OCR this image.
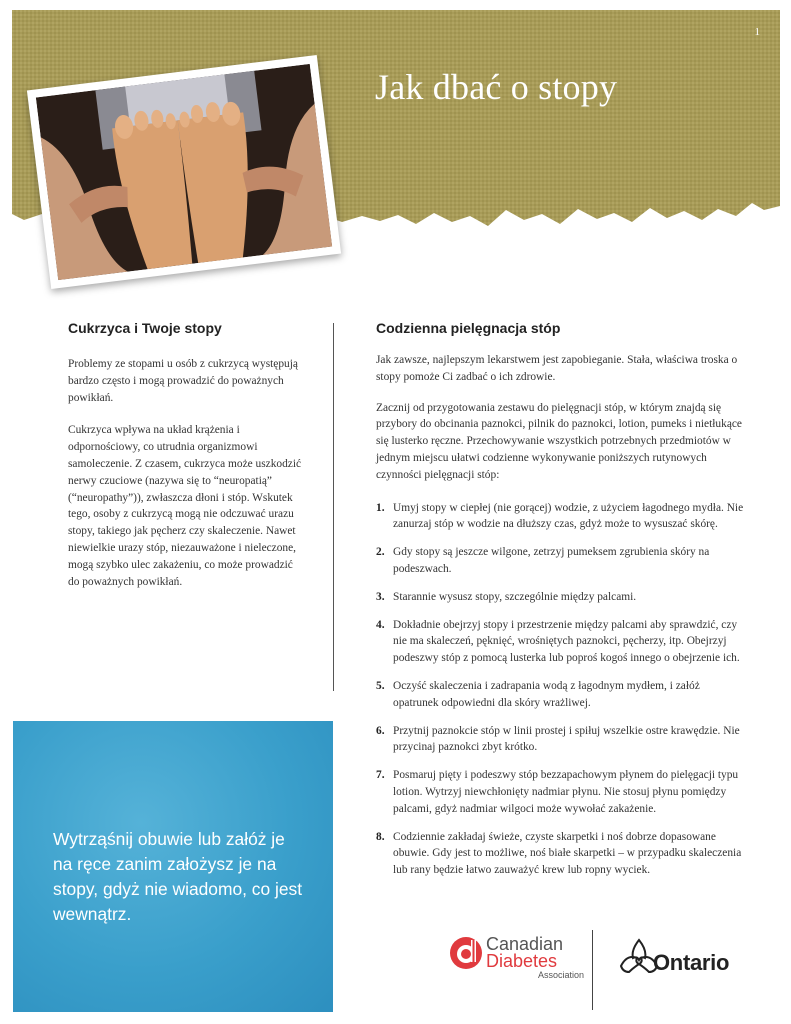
1
Jak dbać o stopy
Cukrzyca i Twoje stopy

Problemy ze stopami u osób z cukrzycą występują bardzo często i mogą prowadzić do poważnych powikłań.

Cukrzyca wpływa na układ krążenia i odpornościowy, co utrudnia organizmowi samoleczenie. Z czasem, cukrzyca może uszkodzić nerwy czuciowe (nazywa się to “neuropatią” (“neuropathy”)), zwłaszcza dłoni i stóp. Wskutek tego, osoby z cukrzycą mogą nie odczuwać urazu stopy, takiego jak pęcherz czy skaleczenie. Nawet niewielkie urazy stóp, niezauważone i nieleczone, mogą szybko ulec zakażeniu, co może prowadzić do poważnych powikłań.

Codzienna pielęgnacja stóp

Jak zawsze, najlepszym lekarstwem jest zapobieganie. Stała, właściwa troska o stopy pomoże Ci zadbać o ich zdrowie.

Zacznij od przygotowania zestawu do pielęgnacji stóp, w którym znajdą się przybory do obcinania paznokci, pilnik do paznokci, lotion, pumeks i nietłukące się lusterko ręczne. Przechowywanie wszystkich potrzebnych przedmiotów w jednym miejscu ułatwi codzienne wykonywanie poniższych rutynowych czynności pielęgnacji stóp:

1. Umyj stopy w ciepłej (nie gorącej) wodzie, z użyciem łagodnego mydła. Nie zanurzaj stóp w wodzie na dłuższy czas, gdyż może to wysuszać skórę.
2. Gdy stopy są jeszcze wilgone, zetrzyj pumeksem zgrubienia skóry na podeszwach.
3. Starannie wysusz stopy, szczególnie między palcami.
4. Dokładnie obejrzyj stopy i przestrzenie między palcami aby sprawdzić, czy nie ma skaleczeń, pęknięć, wrośniętych paznokci, pęcherzy, itp. Obejrzyj podeszwy stóp z pomocą lusterka lub poproś kogoś innego o obejrzenie ich.
5. Oczyść skaleczenia i zadrapania wodą z łagodnym mydłem, i załóż opatrunek odpowiedni dla skóry wrażliwej.
6. Przytnij paznokcie stóp w linii prostej i spiłuj wszelkie ostre krawędzie. Nie przycinaj paznokci zbyt krótko.
7. Posmaruj pięty i podeszwy stóp bezzapachowym płynem do pielęgacji typu lotion. Wytrzyj niewchłonięty nadmiar płynu. Nie stosuj płynu pomiędzy palcami, gdyż nadmiar wilgoci może wywołać zakażenie.
8. Codziennie zakładaj świeże, czyste skarpetki i noś dobrze dopasowane obuwie. Gdy jest to możliwe, noś białe skarpetki – w przypadku skaleczenia lub rany będzie łatwo zauważyć krew lub ropny wyciek.

Wytrząśnij obuwie lub załóż je na ręce zanim założysz je na stopy, gdyż nie wiadomo, co jest wewnątrz.

Canadian
Diabetes
Association	Ontario
